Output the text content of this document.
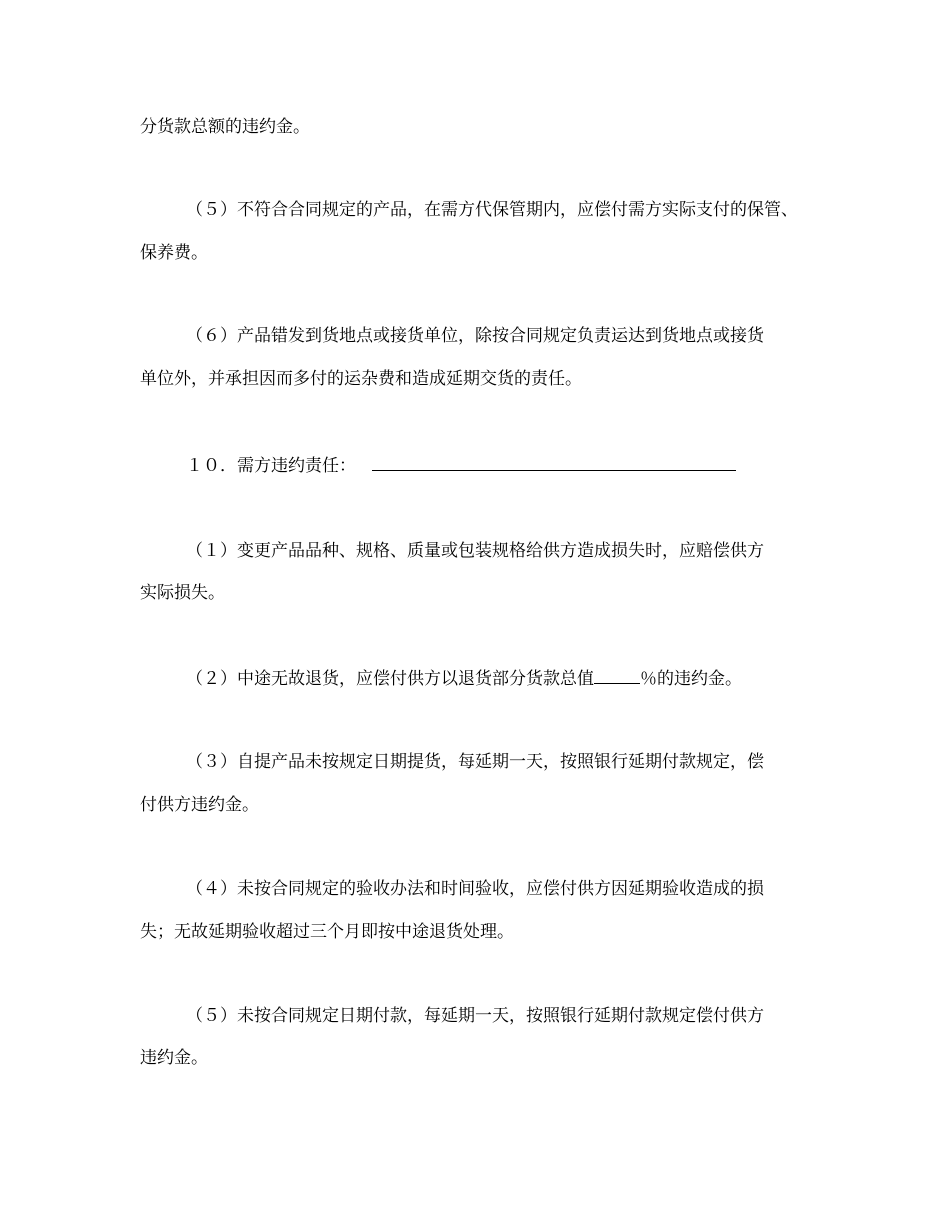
分货款总额的违约金。
（５）不符合合同规定的产品，在需方代保管期内，应偿付需方实际支付的保管、
保养费。
（６）产品错发到货地点或接货单位，除按合同规定负责运达到货地点或接货
单位外，并承担因而多付的运杂费和造成延期交货的责任。
１０．需方违约责任：
（１）变更产品品种、规格、质量或包装规格给供方造成损失时，应赔偿供方
实际损失。
（２）中途无故退货，应偿付供方以退货部分货款总值	％的违约金。
（３）自提产品未按规定日期提货，每延期一天，按照银行延期付款规定，偿
付供方违约金。
（４）未按合同规定的验收办法和时间验收，应偿付供方因延期验收造成的损
失；无故延期验收超过三个月即按中途退货处理。
（５）未按合同规定日期付款，每延期一天，按照银行延期付款规定偿付供方
违约金。
